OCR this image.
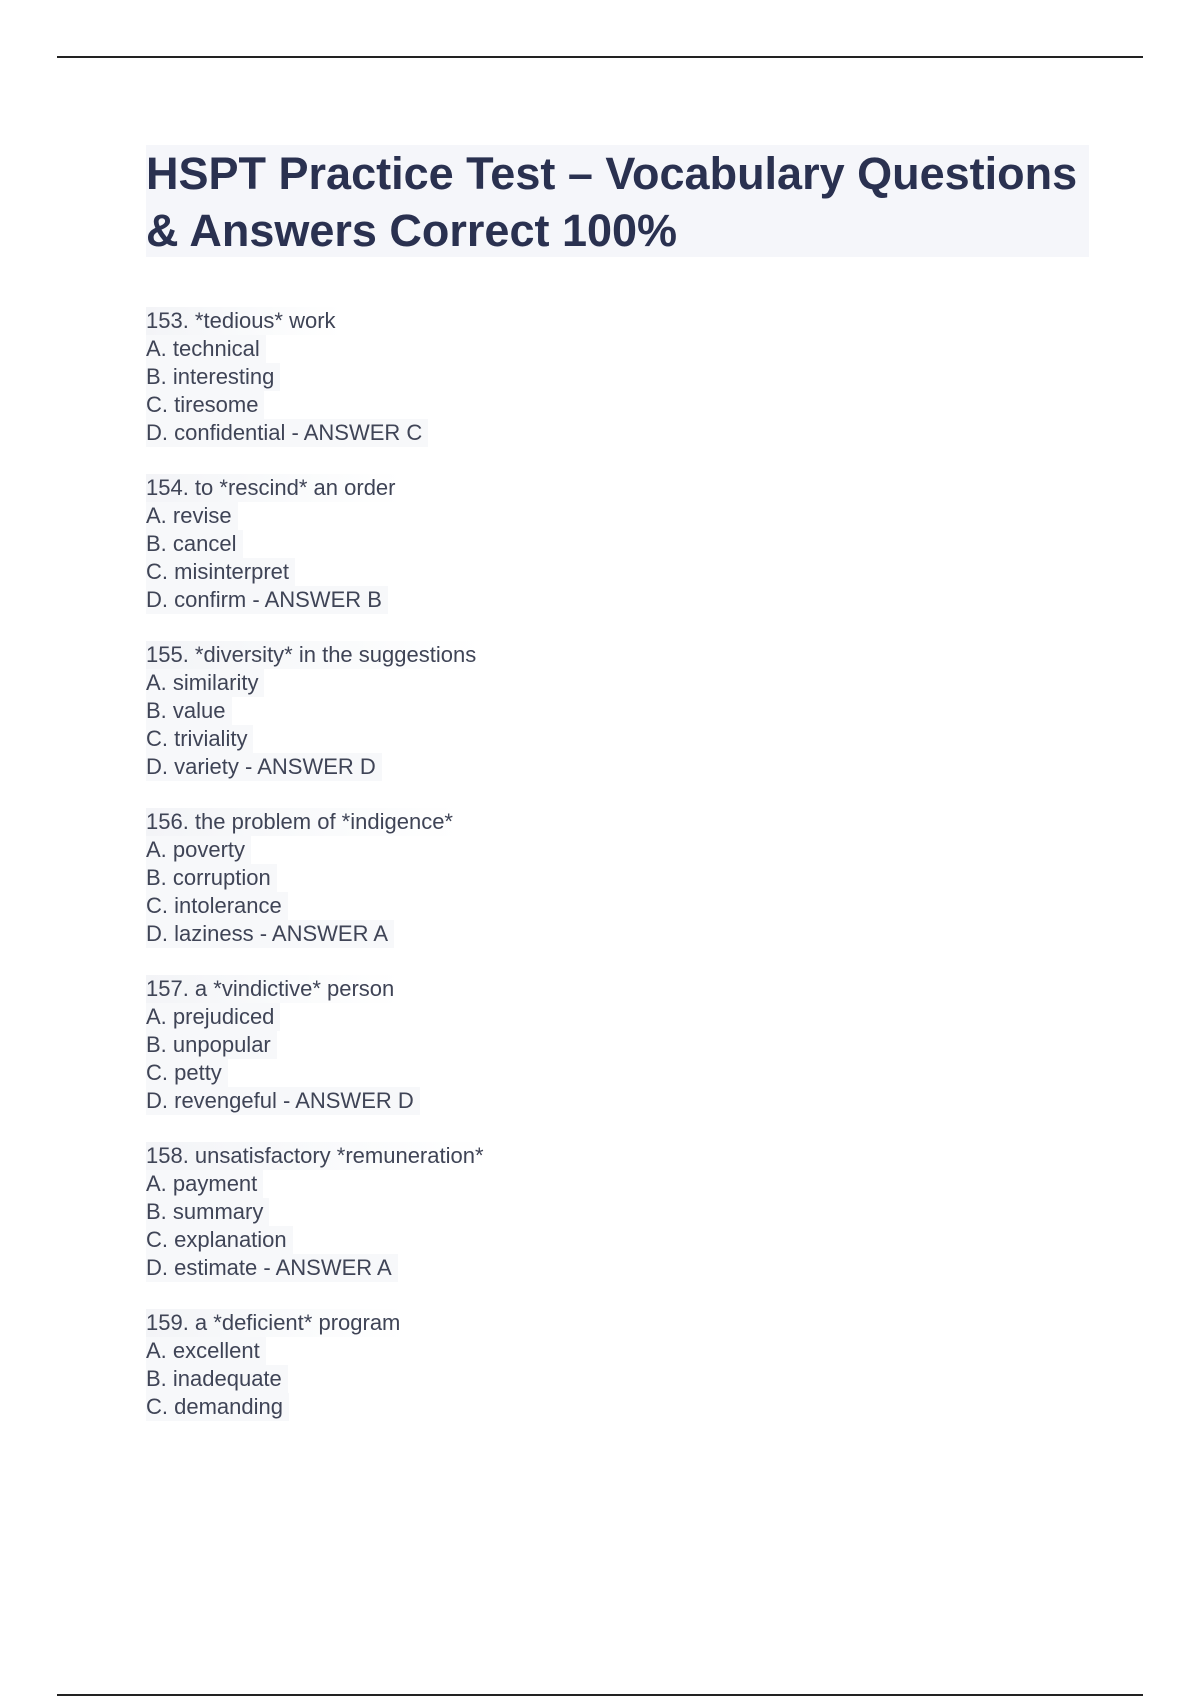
HSPT Practice Test – Vocabulary Questions & Answers Correct 100%
153. *tedious* work
A. technical
B. interesting
C. tiresome
D. confidential - ANSWER C
154. to *rescind* an order
A. revise
B. cancel
C. misinterpret
D. confirm - ANSWER B
155. *diversity* in the suggestions
A. similarity
B. value
C. triviality
D. variety - ANSWER D
156. the problem of *indigence*
A. poverty
B. corruption
C. intolerance
D. laziness - ANSWER A
157. a *vindictive* person
A. prejudiced
B. unpopular
C. petty
D. revengeful - ANSWER D
158. unsatisfactory *remuneration*
A. payment
B. summary
C. explanation
D. estimate - ANSWER A
159. a *deficient* program
A. excellent
B. inadequate
C. demanding
